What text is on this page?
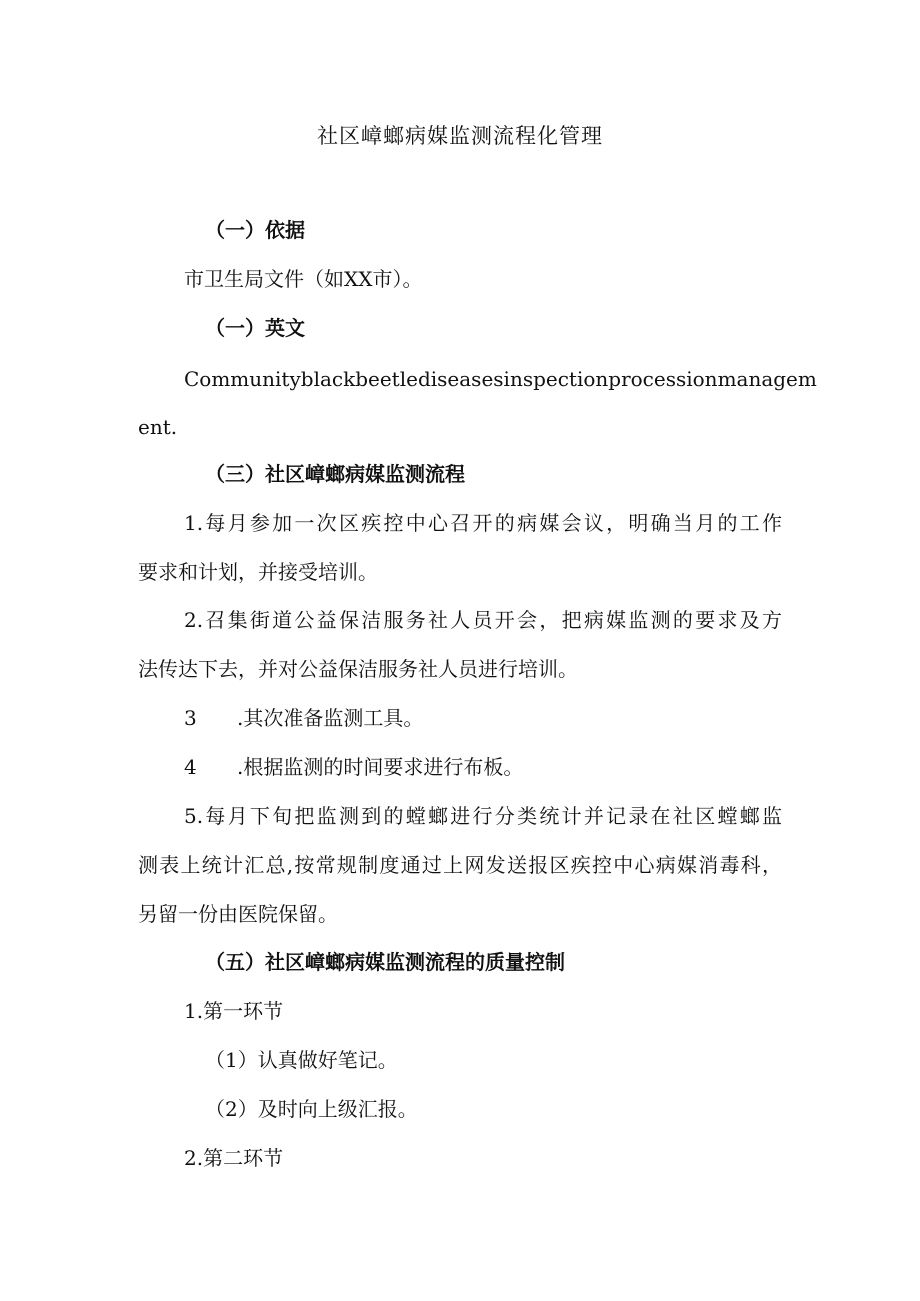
社区嶂螂病媒监测流程化管理
（一）依据
市卫生局文件（如XX市）。
（一）英文
Communityblackbeetlediseasesinspectionprocessionmanagem
ent.
（三）社区嶂螂病媒监测流程
1.每月参加一次区疾控中心召开的病媒会议，明确当月的工作
要求和计划，并接受培训。
2.召集街道公益保洁服务社人员开会，把病媒监测的要求及方
法传达下去，并对公益保洁服务社人员进行培训。
3 .其次准备监测工具。
4 .根据监测的时间要求进行布板。
5.每月下旬把监测到的螳螂进行分类统计并记录在社区螳螂监
测表上统计汇总,按常规制度通过上网发送报区疾控中心病媒消毒科，
另留一份由医院保留。
（五）社区嶂螂病媒监测流程的质量控制
1.第一环节
（1）认真做好笔记。
（2）及时向上级汇报。
2.第二环节
